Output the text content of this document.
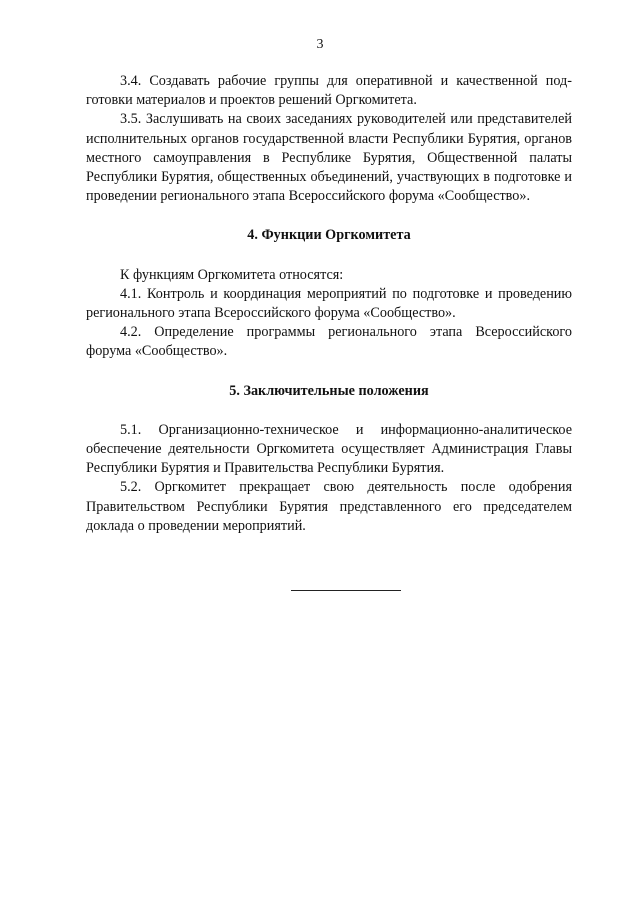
3

3.4. Создавать рабочие группы для оперативной и качественной подготовки материалов и проектов решений Оргкомитета.

3.5. Заслушивать на своих заседаниях руководителей или представителей исполнительных органов государственной власти Республики Бурятия, органов местного самоуправления в Республике Бурятия, Общественной палаты Республики Бурятия, общественных объединений, участвующих в подготовке и проведении регионального этапа Всероссийского форума «Сообщество».

4. Функции Оргкомитета

К функциям Оргкомитета относятся:

4.1. Контроль и координация мероприятий по подготовке и проведению регионального этапа Всероссийского форума «Сообщество».

4.2. Определение программы регионального этапа Всероссийского форума «Сообщество».

5. Заключительные положения

5.1. Организационно-техническое и информационно-аналитическое обеспечение деятельности Оргкомитета осуществляет Администрация Главы Республики Бурятия и Правительства Республики Бурятия.

5.2. Оргкомитет прекращает свою деятельность после одобрения Правительством Республики Бурятия представленного его председателем доклада о проведении мероприятий.
